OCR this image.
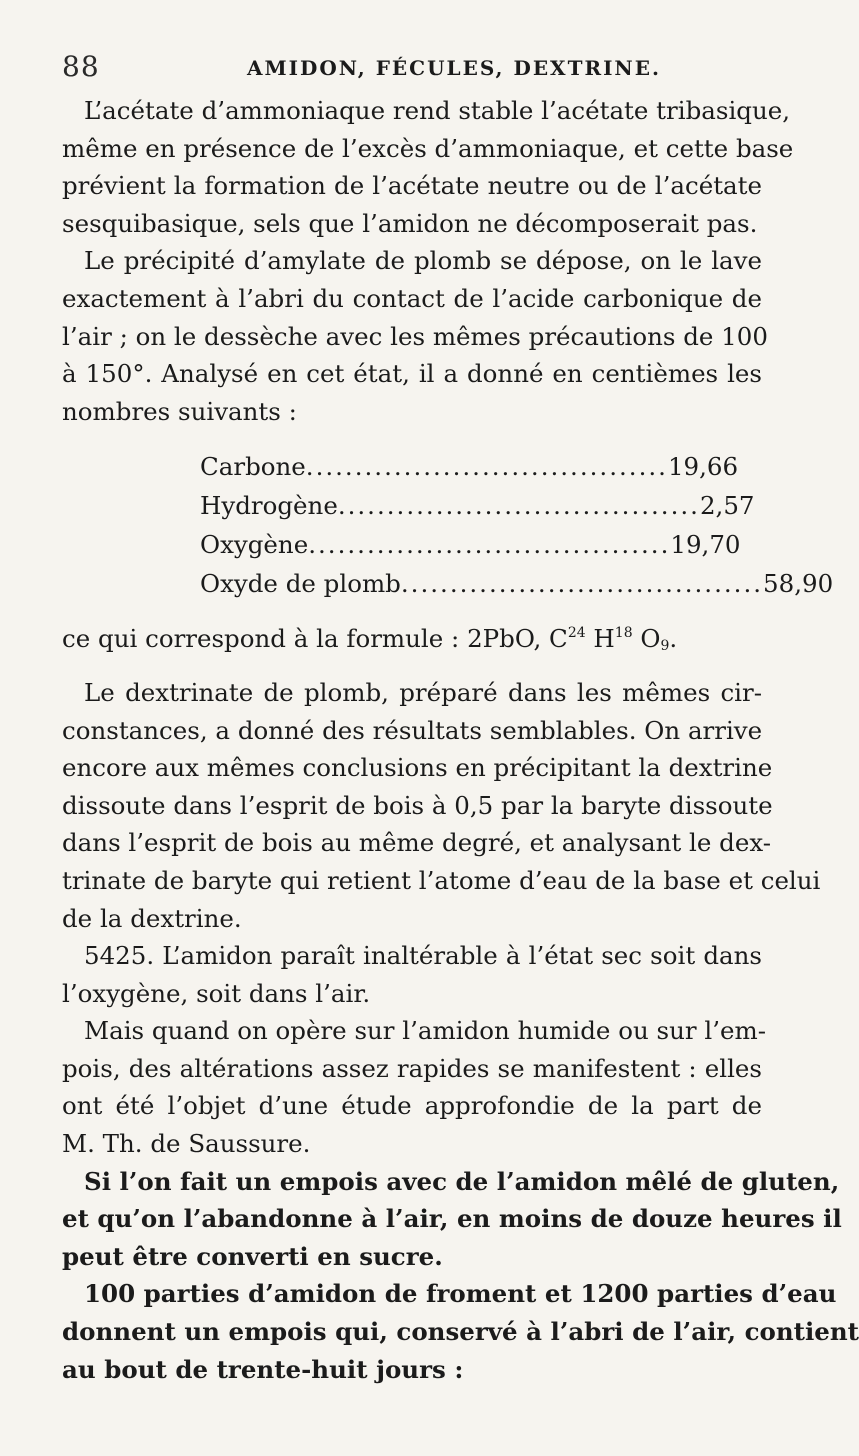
88	AMIDON, FÉCULES, DEXTRINE.
L’acétate d’ammoniaque rend stable l’acétate tribasique,
même en présence de l’excès d’ammoniaque, et cette base
prévient la formation de l’acétate neutre ou de l’acétate
sesquibasique, sels que l’amidon ne décomposerait pas.
Le précipité d’amylate de plomb se dépose, on le lave
exactement à l’abri du contact de l’acide carbonique de
l’air ; on le dessèche avec les mêmes précautions de 100
à 150°. Analysé en cet état, il a donné en centièmes les
nombres suivants :
Carbone ..................................... 19,66
Hydrogène ..................................... 2,57
Oxygène ..................................... 19,70
Oxyde de plomb ..................................... 58,90
ce qui correspond à la formule : 2PbO, $C^{24}$ $H^{18}$ $O_9$.
Le dextrinate de plomb, préparé dans les mêmes cir-
constances, a donné des résultats semblables. On arrive
encore aux mêmes conclusions en précipitant la dextrine
dissoute dans l’esprit de bois à 0,5 par la baryte dissoute
dans l’esprit de bois au même degré, et analysant le dex-
trinate de baryte qui retient l’atome d’eau de la base et celui
de la dextrine.
5425. L’amidon paraît inaltérable à l’état sec soit dans
l’oxygène, soit dans l’air.
Mais quand on opère sur l’amidon humide ou sur l’em-
pois, des altérations assez rapides se manifestent : elles
ont été l’objet d’une étude approfondie de la part de
M. Th. de Saussure.
Si l’on fait un empois avec de l’amidon mêlé de gluten,
et qu’on l’abandonne à l’air, en moins de douze heures il
peut être converti en sucre.
100 parties d’amidon de froment et 1200 parties d’eau
donnent un empois qui, conservé à l’abri de l’air, contient
au bout de trente-huit jours :
